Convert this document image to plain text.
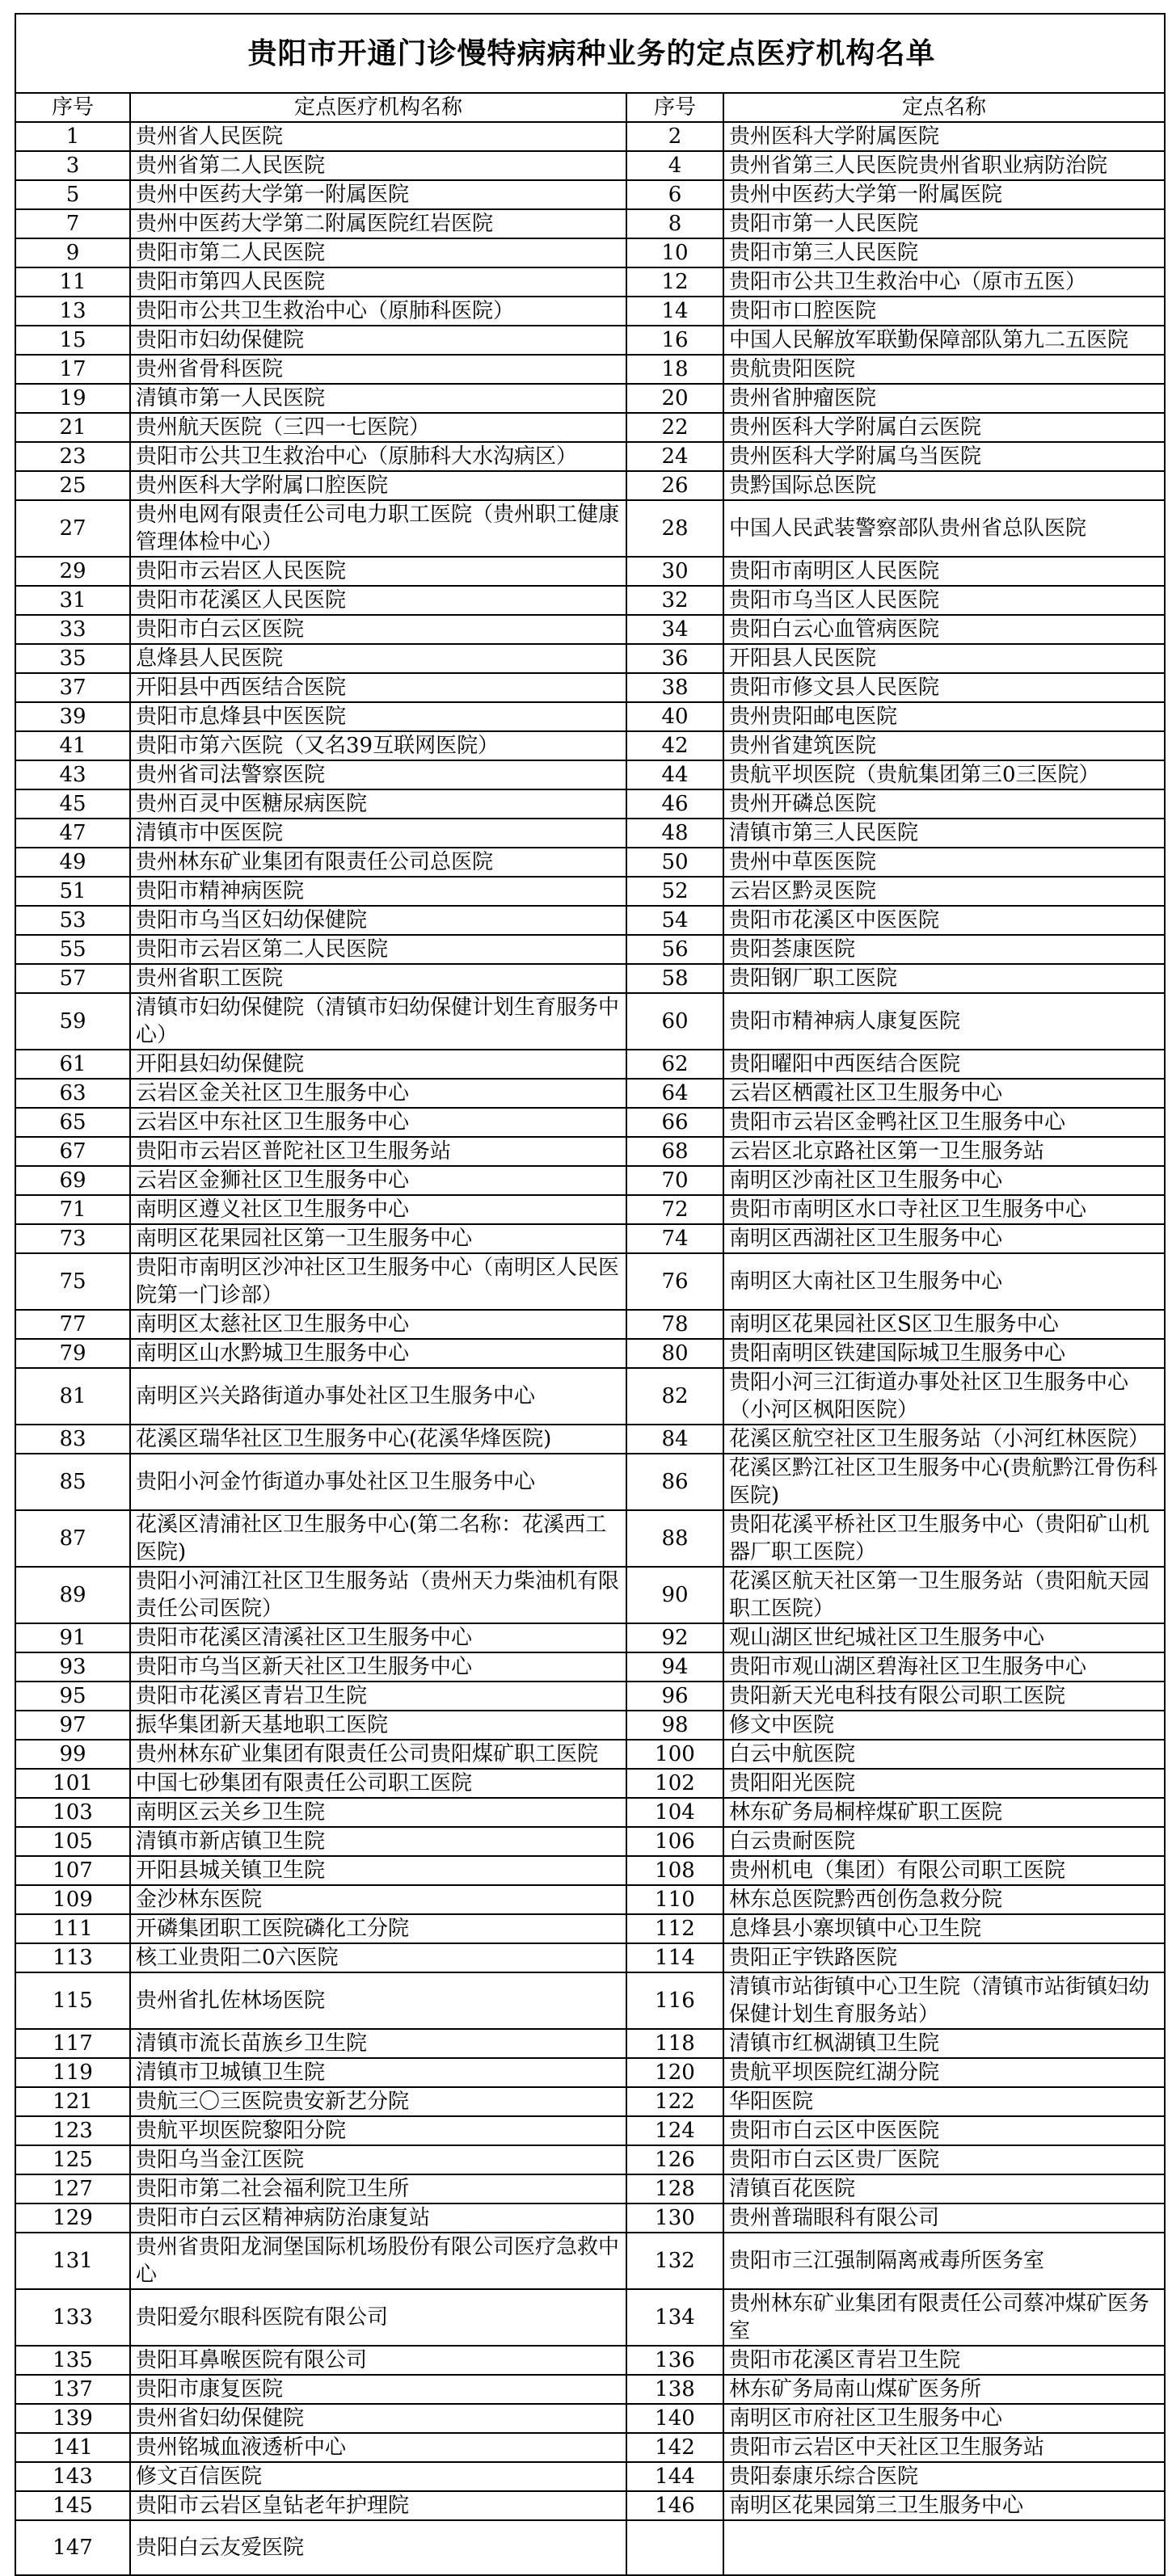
贵阳市开通门诊慢特病病种业务的定点医疗机构名单			
序号	定点医疗机构名称	序号	定点名称
1	贵州省人民医院	2	贵州医科大学附属医院
3	贵州省第二人民医院	4	贵州省第三人民医院贵州省职业病防治院
5	贵州中医药大学第一附属医院	6	贵州中医药大学第一附属医院
7	贵州中医药大学第二附属医院红岩医院	8	贵阳市第一人民医院
9	贵阳市第二人民医院	10	贵阳市第三人民医院
11	贵阳市第四人民医院	12	贵阳市公共卫生救治中心（原市五医）
13	贵阳市公共卫生救治中心（原肺科医院）	14	贵阳市口腔医院
15	贵阳市妇幼保健院	16	中国人民解放军联勤保障部队第九二五医院
17	贵州省骨科医院	18	贵航贵阳医院
19	清镇市第一人民医院	20	贵州省肿瘤医院
21	贵州航天医院（三四一七医院）	22	贵州医科大学附属白云医院
23	贵阳市公共卫生救治中心（原肺科大水沟病区）	24	贵州医科大学附属乌当医院
25	贵州医科大学附属口腔医院	26	贵黔国际总医院
27	贵州电网有限责任公司电力职工医院（贵州职工健康管理体检中心）	28	中国人民武装警察部队贵州省总队医院
29	贵阳市云岩区人民医院	30	贵阳市南明区人民医院
31	贵阳市花溪区人民医院	32	贵阳市乌当区人民医院
33	贵阳市白云区医院	34	贵阳白云心血管病医院
35	息烽县人民医院	36	开阳县人民医院
37	开阳县中西医结合医院	38	贵阳市修文县人民医院
39	贵阳市息烽县中医医院	40	贵州贵阳邮电医院
41	贵阳市第六医院（又名39互联网医院）	42	贵州省建筑医院
43	贵州省司法警察医院	44	贵航平坝医院（贵航集团第三0三医院）
45	贵州百灵中医糖尿病医院	46	贵州开磷总医院
47	清镇市中医医院	48	清镇市第三人民医院
49	贵州林东矿业集团有限责任公司总医院	50	贵州中草医医院
51	贵阳市精神病医院	52	云岩区黔灵医院
53	贵阳市乌当区妇幼保健院	54	贵阳市花溪区中医医院
55	贵阳市云岩区第二人民医院	56	贵阳荟康医院
57	贵州省职工医院	58	贵阳钢厂职工医院
59	清镇市妇幼保健院（清镇市妇幼保健计划生育服务中心）	60	贵阳市精神病人康复医院
61	开阳县妇幼保健院	62	贵阳曜阳中西医结合医院
63	云岩区金关社区卫生服务中心	64	云岩区栖霞社区卫生服务中心
65	云岩区中东社区卫生服务中心	66	贵阳市云岩区金鸭社区卫生服务中心
67	贵阳市云岩区普陀社区卫生服务站	68	云岩区北京路社区第一卫生服务站
69	云岩区金狮社区卫生服务中心	70	南明区沙南社区卫生服务中心
71	南明区遵义社区卫生服务中心	72	贵阳市南明区水口寺社区卫生服务中心
73	南明区花果园社区第一卫生服务中心	74	南明区西湖社区卫生服务中心
75	贵阳市南明区沙冲社区卫生服务中心（南明区人民医院第一门诊部）	76	南明区大南社区卫生服务中心
77	南明区太慈社区卫生服务中心	78	南明区花果园社区S区卫生服务中心
79	南明区山水黔城卫生服务中心	80	贵阳南明区铁建国际城卫生服务中心
81	南明区兴关路街道办事处社区卫生服务中心	82	贵阳小河三江街道办事处社区卫生服务中心（小河区枫阳医院）
83	花溪区瑞华社区卫生服务中心(花溪华烽医院)	84	花溪区航空社区卫生服务站（小河红林医院）
85	贵阳小河金竹街道办事处社区卫生服务中心	86	花溪区黔江社区卫生服务中心(贵航黔江骨伤科医院)
87	花溪区清浦社区卫生服务中心(第二名称：花溪西工医院)	88	贵阳花溪平桥社区卫生服务中心（贵阳矿山机器厂职工医院）
89	贵阳小河浦江社区卫生服务站（贵州天力柴油机有限责任公司医院）	90	花溪区航天社区第一卫生服务站（贵阳航天园职工医院）
91	贵阳市花溪区清溪社区卫生服务中心	92	观山湖区世纪城社区卫生服务中心
93	贵阳市乌当区新天社区卫生服务中心	94	贵阳市观山湖区碧海社区卫生服务中心
95	贵阳市花溪区青岩卫生院	96	贵阳新天光电科技有限公司职工医院
97	振华集团新天基地职工医院	98	修文中医院
99	贵州林东矿业集团有限责任公司贵阳煤矿职工医院	100	白云中航医院
101	中国七砂集团有限责任公司职工医院	102	贵阳阳光医院
103	南明区云关乡卫生院	104	林东矿务局桐梓煤矿职工医院
105	清镇市新店镇卫生院	106	白云贵耐医院
107	开阳县城关镇卫生院	108	贵州机电（集团）有限公司职工医院
109	金沙林东医院	110	林东总医院黔西创伤急救分院
111	开磷集团职工医院磷化工分院	112	息烽县小寨坝镇中心卫生院
113	核工业贵阳二0六医院	114	贵阳正宇铁路医院
115	贵州省扎佐林场医院	116	清镇市站街镇中心卫生院（清镇市站街镇妇幼保健计划生育服务站）
117	清镇市流长苗族乡卫生院	118	清镇市红枫湖镇卫生院
119	清镇市卫城镇卫生院	120	贵航平坝医院红湖分院
121	贵航三〇三医院贵安新艺分院	122	华阳医院
123	贵航平坝医院黎阳分院	124	贵阳市白云区中医医院
125	贵阳乌当金江医院	126	贵阳市白云区贵厂医院
127	贵阳市第二社会福利院卫生所	128	清镇百花医院
129	贵阳市白云区精神病防治康复站	130	贵州普瑞眼科有限公司
131	贵州省贵阳龙洞堡国际机场股份有限公司医疗急救中心	132	贵阳市三江强制隔离戒毒所医务室
133	贵阳爱尔眼科医院有限公司	134	贵州林东矿业集团有限责任公司蔡冲煤矿医务室
135	贵阳耳鼻喉医院有限公司	136	贵阳市花溪区青岩卫生院
137	贵阳市康复医院	138	林东矿务局南山煤矿医务所
139	贵州省妇幼保健院	140	南明区市府社区卫生服务中心
141	贵州铭城血液透析中心	142	贵阳市云岩区中天社区卫生服务站
143	修文百信医院	144	贵阳泰康乐综合医院
145	贵阳市云岩区皇钻老年护理院	146	南明区花果园第三卫生服务中心
147	贵阳白云友爱医院		
